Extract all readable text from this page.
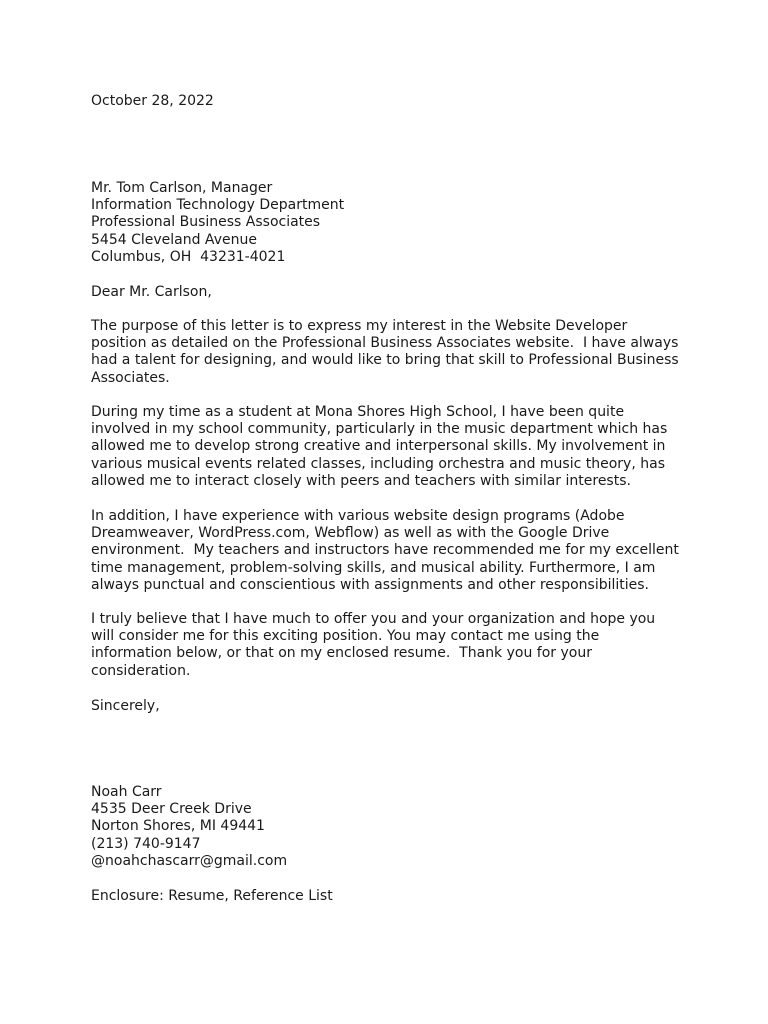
October 28, 2022
Mr. Tom Carlson, Manager
Information Technology Department
Professional Business Associates
5454 Cleveland Avenue
Columbus, OH  43231-4021
Dear Mr. Carlson,
The purpose of this letter is to express my interest in the Website Developer
position as detailed on the Professional Business Associates website.  I have always
had a talent for designing, and would like to bring that skill to Professional Business
Associates.
During my time as a student at Mona Shores High School, I have been quite
involved in my school community, particularly in the music department which has
allowed me to develop strong creative and interpersonal skills. My involvement in
various musical events related classes, including orchestra and music theory, has
allowed me to interact closely with peers and teachers with similar interests.
In addition, I have experience with various website design programs (Adobe
Dreamweaver, WordPress.com, Webflow) as well as with the Google Drive
environment.  My teachers and instructors have recommended me for my excellent
time management, problem-solving skills, and musical ability. Furthermore, I am
always punctual and conscientious with assignments and other responsibilities.
I truly believe that I have much to offer you and your organization and hope you
will consider me for this exciting position. You may contact me using the
information below, or that on my enclosed resume.  Thank you for your
consideration.
Sincerely,
Noah Carr
4535 Deer Creek Drive
Norton Shores, MI 49441
(213) 740-9147
@noahchascarr@gmail.com
Enclosure: Resume, Reference List
